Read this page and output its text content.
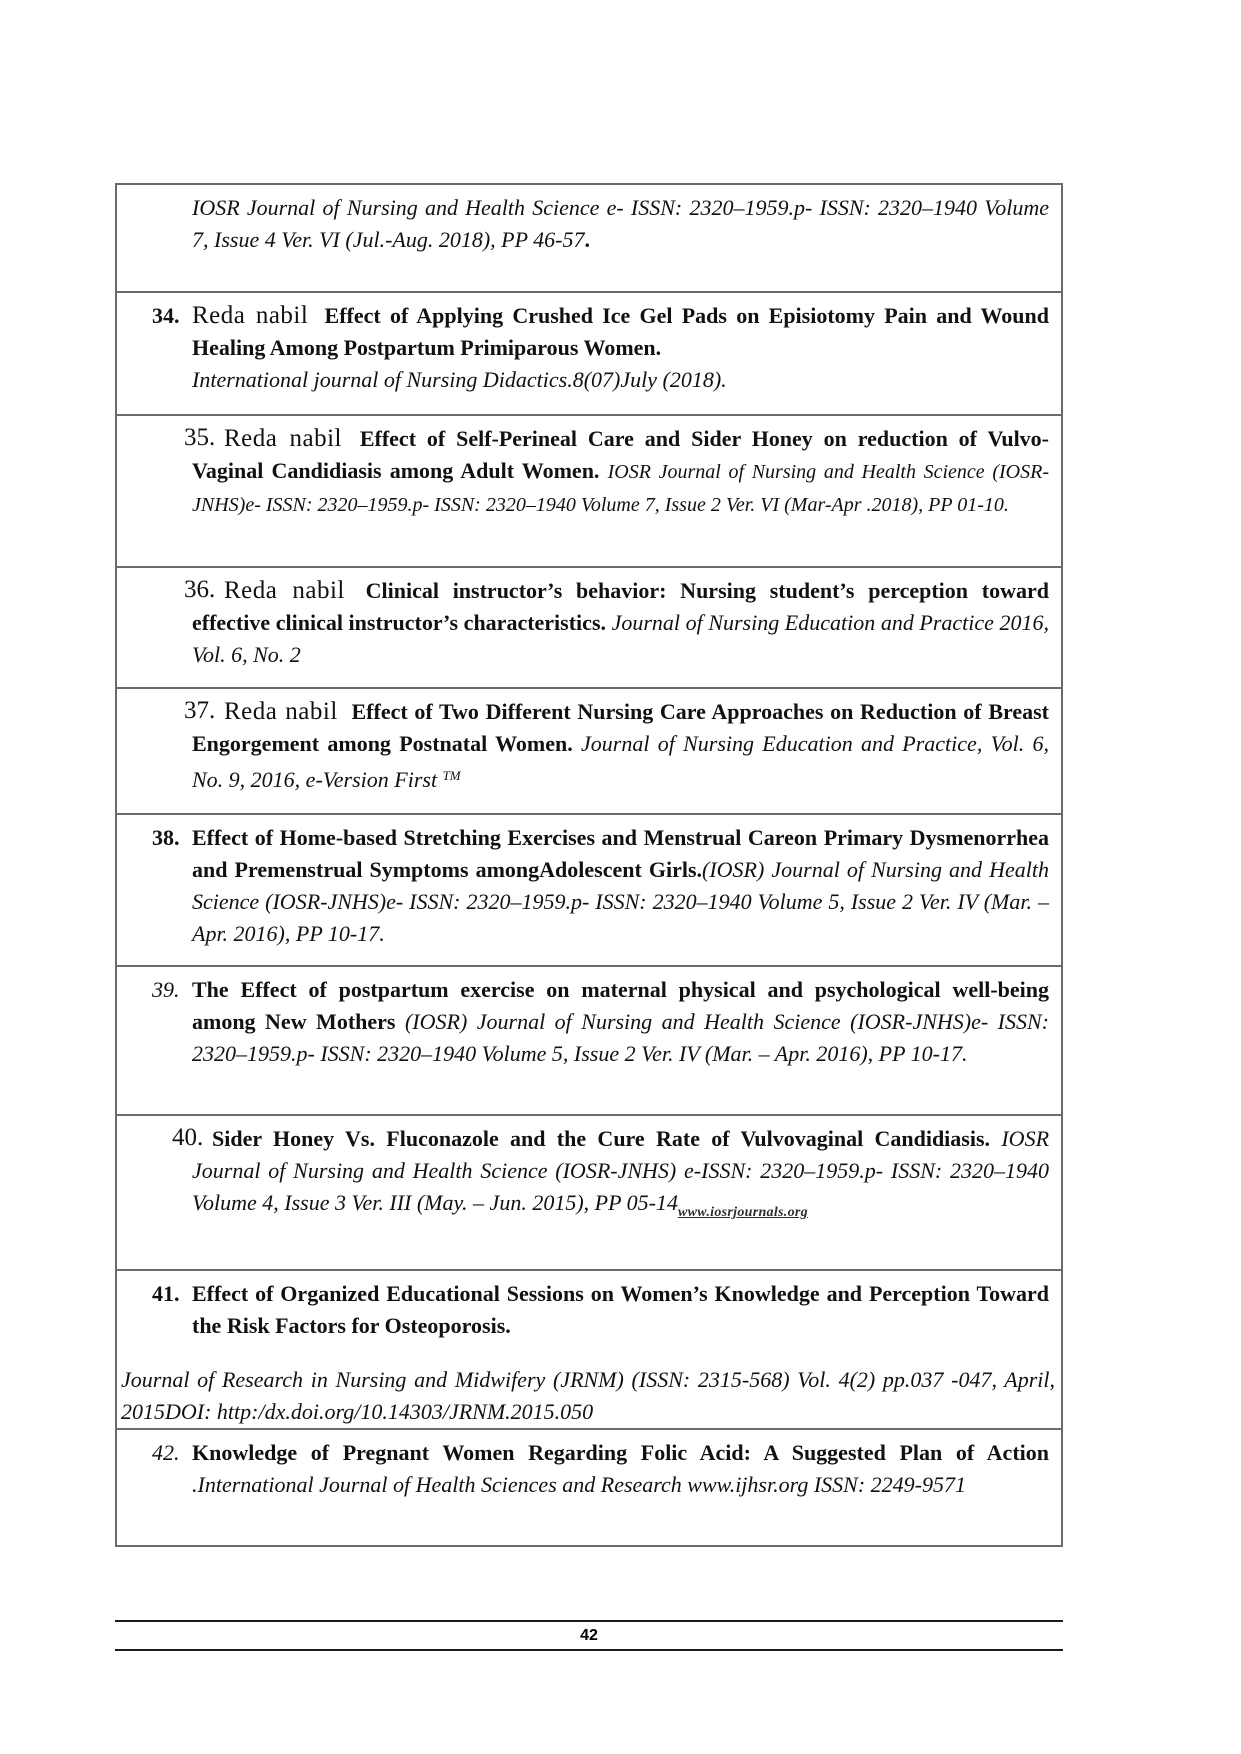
IOSR Journal of Nursing and Health Science e- ISSN: 2320–1959.p- ISSN: 2320–1940 Volume 7, Issue 4 Ver. VI (Jul.-Aug. 2018), PP 46-57.

34. Reda nabil Effect of Applying Crushed Ice Gel Pads on Episiotomy Pain and Wound Healing Among Postpartum Primiparous Women.

International journal of Nursing Didactics.8(07)July (2018).

35. Reda nabil Effect of Self-Perineal Care and Sider Honey on reduction of Vulvo-Vaginal Candidiasis among Adult Women. IOSR Journal of Nursing and Health Science (IOSR-JNHS)e- ISSN: 2320–1959.p- ISSN: 2320–1940 Volume 7, Issue 2 Ver. VI (Mar-Apr .2018), PP 01-10.

36. Reda nabil Clinical instructor’s behavior: Nursing student’s perception toward effective clinical instructor’s characteristics. Journal of Nursing Education and Practice 2016, Vol. 6, No. 2

37. Reda nabil Effect of Two Different Nursing Care Approaches on Reduction of Breast Engorgement among Postnatal Women. Journal of Nursing Education and Practice, Vol. 6, No. 9, 2016, e-Version First ™

38. Effect of Home-based Stretching Exercises and Menstrual Careon Primary Dysmenorrhea and Premenstrual Symptoms amongAdolescent Girls.(IOSR) Journal of Nursing and Health Science (IOSR-JNHS)e- ISSN: 2320–1959.p- ISSN: 2320–1940 Volume 5, Issue 2 Ver. IV (Mar. – Apr. 2016), PP 10-17.

39. The Effect of postpartum exercise on maternal physical and psychological well-being among New Mothers (IOSR) Journal of Nursing and Health Science (IOSR-JNHS)e- ISSN: 2320–1959.p- ISSN: 2320–1940 Volume 5, Issue 2 Ver. IV (Mar. – Apr. 2016), PP 10-17.

40. Sider Honey Vs. Fluconazole and the Cure Rate of Vulvovaginal Candidiasis. IOSR Journal of Nursing and Health Science (IOSR-JNHS) e-ISSN: 2320–1959.p- ISSN: 2320–1940 Volume 4, Issue 3 Ver. III (May. – Jun. 2015), PP $05-14_{www.iosrjournals.org}$

41. Effect of Organized Educational Sessions on Women’s Knowledge and Perception Toward the Risk Factors for Osteoporosis.

Journal of Research in Nursing and Midwifery (JRNM) (ISSN: 2315-568) Vol. 4(2) pp.037 -047, April, 2015DOI: http:/dx.doi.org/10.14303/JRNM.2015.050

42. Knowledge of Pregnant Women Regarding Folic Acid: A Suggested Plan of Action .International Journal of Health Sciences and Research www.ijhsr.org ISSN: 2249-9571

42
